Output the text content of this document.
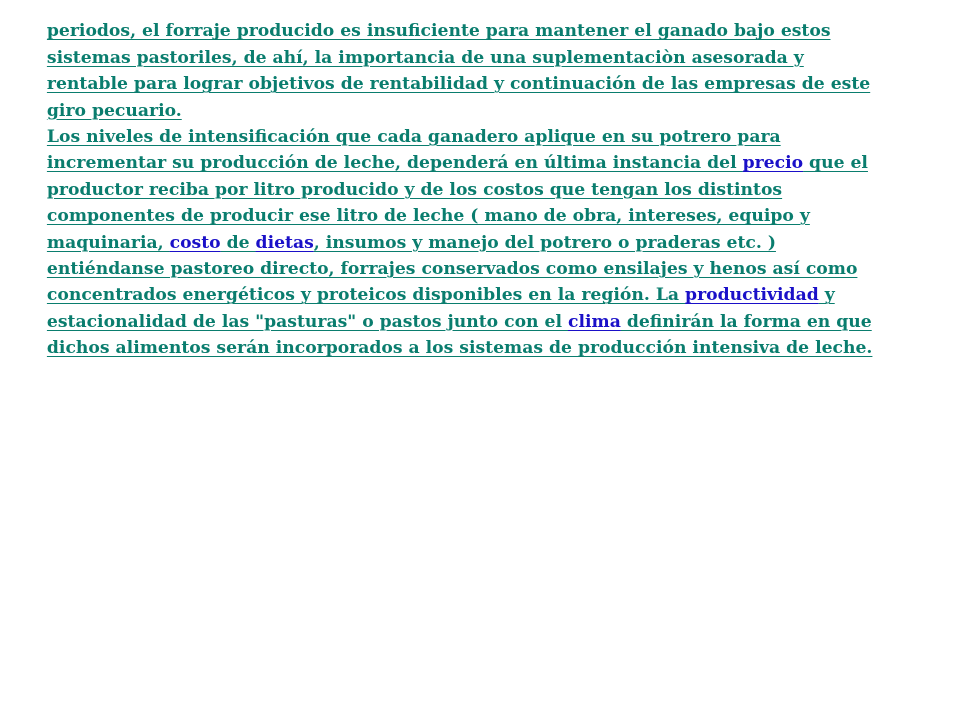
periodos, el forraje producido es insuficiente para mantener el ganado bajo estos

sistemas pastoriles, de ahí, la importancia de una suplementaciòn asesorada y

rentable para lograr objetivos de rentabilidad y continuación de las empresas de este

giro pecuario.

Los niveles de intensificación que cada ganadero aplique en su potrero para

incrementar su producción de leche, dependerá en última instancia del precio que el

productor reciba por litro producido y de los costos que tengan los distintos

componentes de producir ese litro de leche ( mano de obra, intereses, equipo y

maquinaria, costo de dietas, insumos y manejo del potrero o praderas etc. )

entiéndanse pastoreo directo, forrajes conservados como ensilajes y henos así como

concentrados energéticos y proteicos disponibles en la región. La productividad y

estacionalidad de las "pasturas" o pastos junto con el clima definirán la forma en que

dichos alimentos serán incorporados a los sistemas de producción intensiva de leche.
